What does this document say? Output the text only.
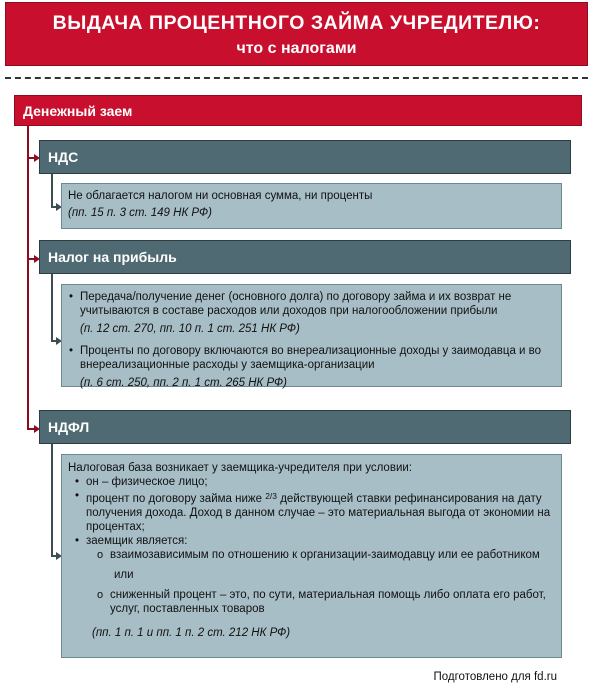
ВЫДАЧА ПРОЦЕНТНОГО ЗАЙМА УЧРЕДИТЕЛЮ:
что с налогами
Денежный заем
НДС
Не облагается налогом ни основная сумма, ни проценты
(пп. 15 п. 3 ст. 149 НК РФ)
Налог на прибыль
• Передача/получение денег (основного долга) по договору займа и их возврат не учитываются в составе расходов или доходов при налогообложении прибыли
(п. 12 ст. 270, пп. 10 п. 1 ст. 251 НК РФ)
• Проценты по договору включаются во внереализационные доходы у заимодавца и во внереализационные расходы у заемщика-организации
(п. 6 ст. 250, пп. 2 п. 1 ст. 265 НК РФ)
НДФЛ
Налоговая база возникает у заемщика-учредителя при условии:
• он – физическое лицо;
• процент по договору займа ниже $^{2/3}$ действующей ставки рефинансирования на дату получения дохода. Доход в данном случае – это материальная выгода от экономии на процентах;
• заемщик является:
o взаимозависимым по отношению к организации-заимодавцу или ее работником
или
o сниженный процент – это, по сути, материальная помощь либо оплата его работ, услуг, поставленных товаров
(пп. 1 п. 1 и пп. 1 п. 2 ст. 212 НК РФ)
Подготовлено для fd.ru
